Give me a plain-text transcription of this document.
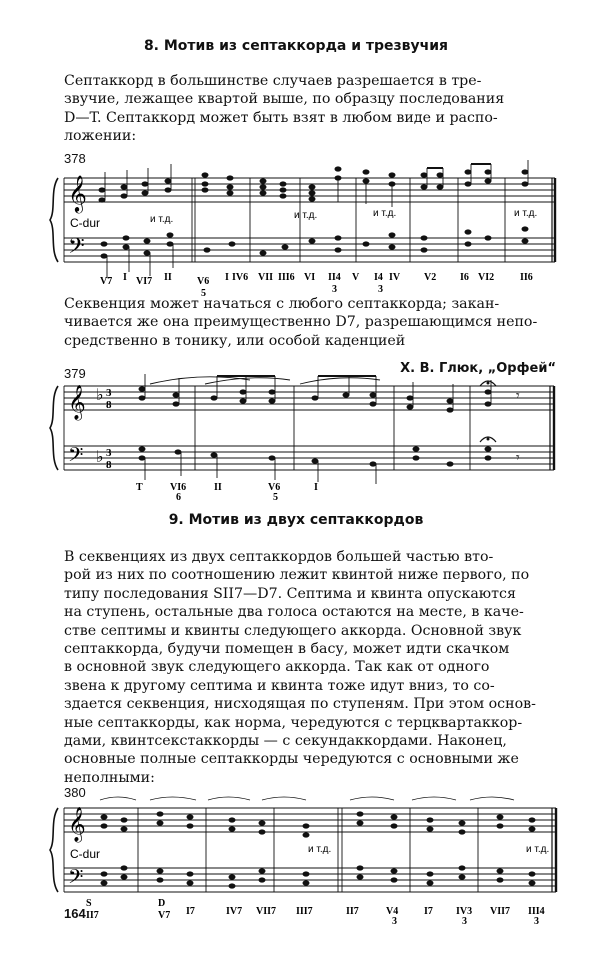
8. Мотив из септаккорда и трезвучия
Септаккорд в большинстве случаев разрешается в тре-
звучие, лежащее квартой выше, по образцу последования
D—T. Септаккорд может быть взят в любом виде и распо-
ложении:
378
𝄞
𝄢
C-dur	и т.д.	и т.д.	и т.д.	и т.д.
V7 I VI7 II	V6
5
I IV6 VII III6 VI II4
3
V I4
3
IV V2 I6 VI2	II6
Секвенция может начаться с любого септаккорда; закан-
чивается же она преимущественно D7, разрешающимся непо-
средственно в тонику, или особой каденцией
379	Х. В. Глюк, „Орфей“
𝄞
𝄢
♭
♭
3
8
3
8
𝄾
𝄾
T	VI6
6
II	V6
5
I
9. Мотив из двух септаккордов
В секвенциях из двух септаккордов большей частью вто-
рой из них по соотношению лежит квинтой ниже первого, по
типу последования SII7—D7. Септима и квинта опускаются
на ступень, остальные два голоса остаются на месте, в каче-
стве септимы и квинты следующего аккорда. Основной звук
септаккорда, будучи помещен в басу, может идти скачком
в основной звук следующего аккорда. Так как от одного
звена к другому септима и квинта тоже идут вниз, то со-
здается секвенция, нисходящая по ступеням. При этом основ-
ные септаккорды, как норма, чередуются с терцквартаккор-
дами, квинтсекстаккорды — с секундаккордами. Наконец,
основные полные септаккорды чередуются с основными же
неполными:
380
𝄞
𝄢
C-dur	и т.д.	и т.д.
S	D
II7	V7 I7	IV7 VII7 III7	II7	V4
3
I7 IV3
3
VII7 III4
3
164
